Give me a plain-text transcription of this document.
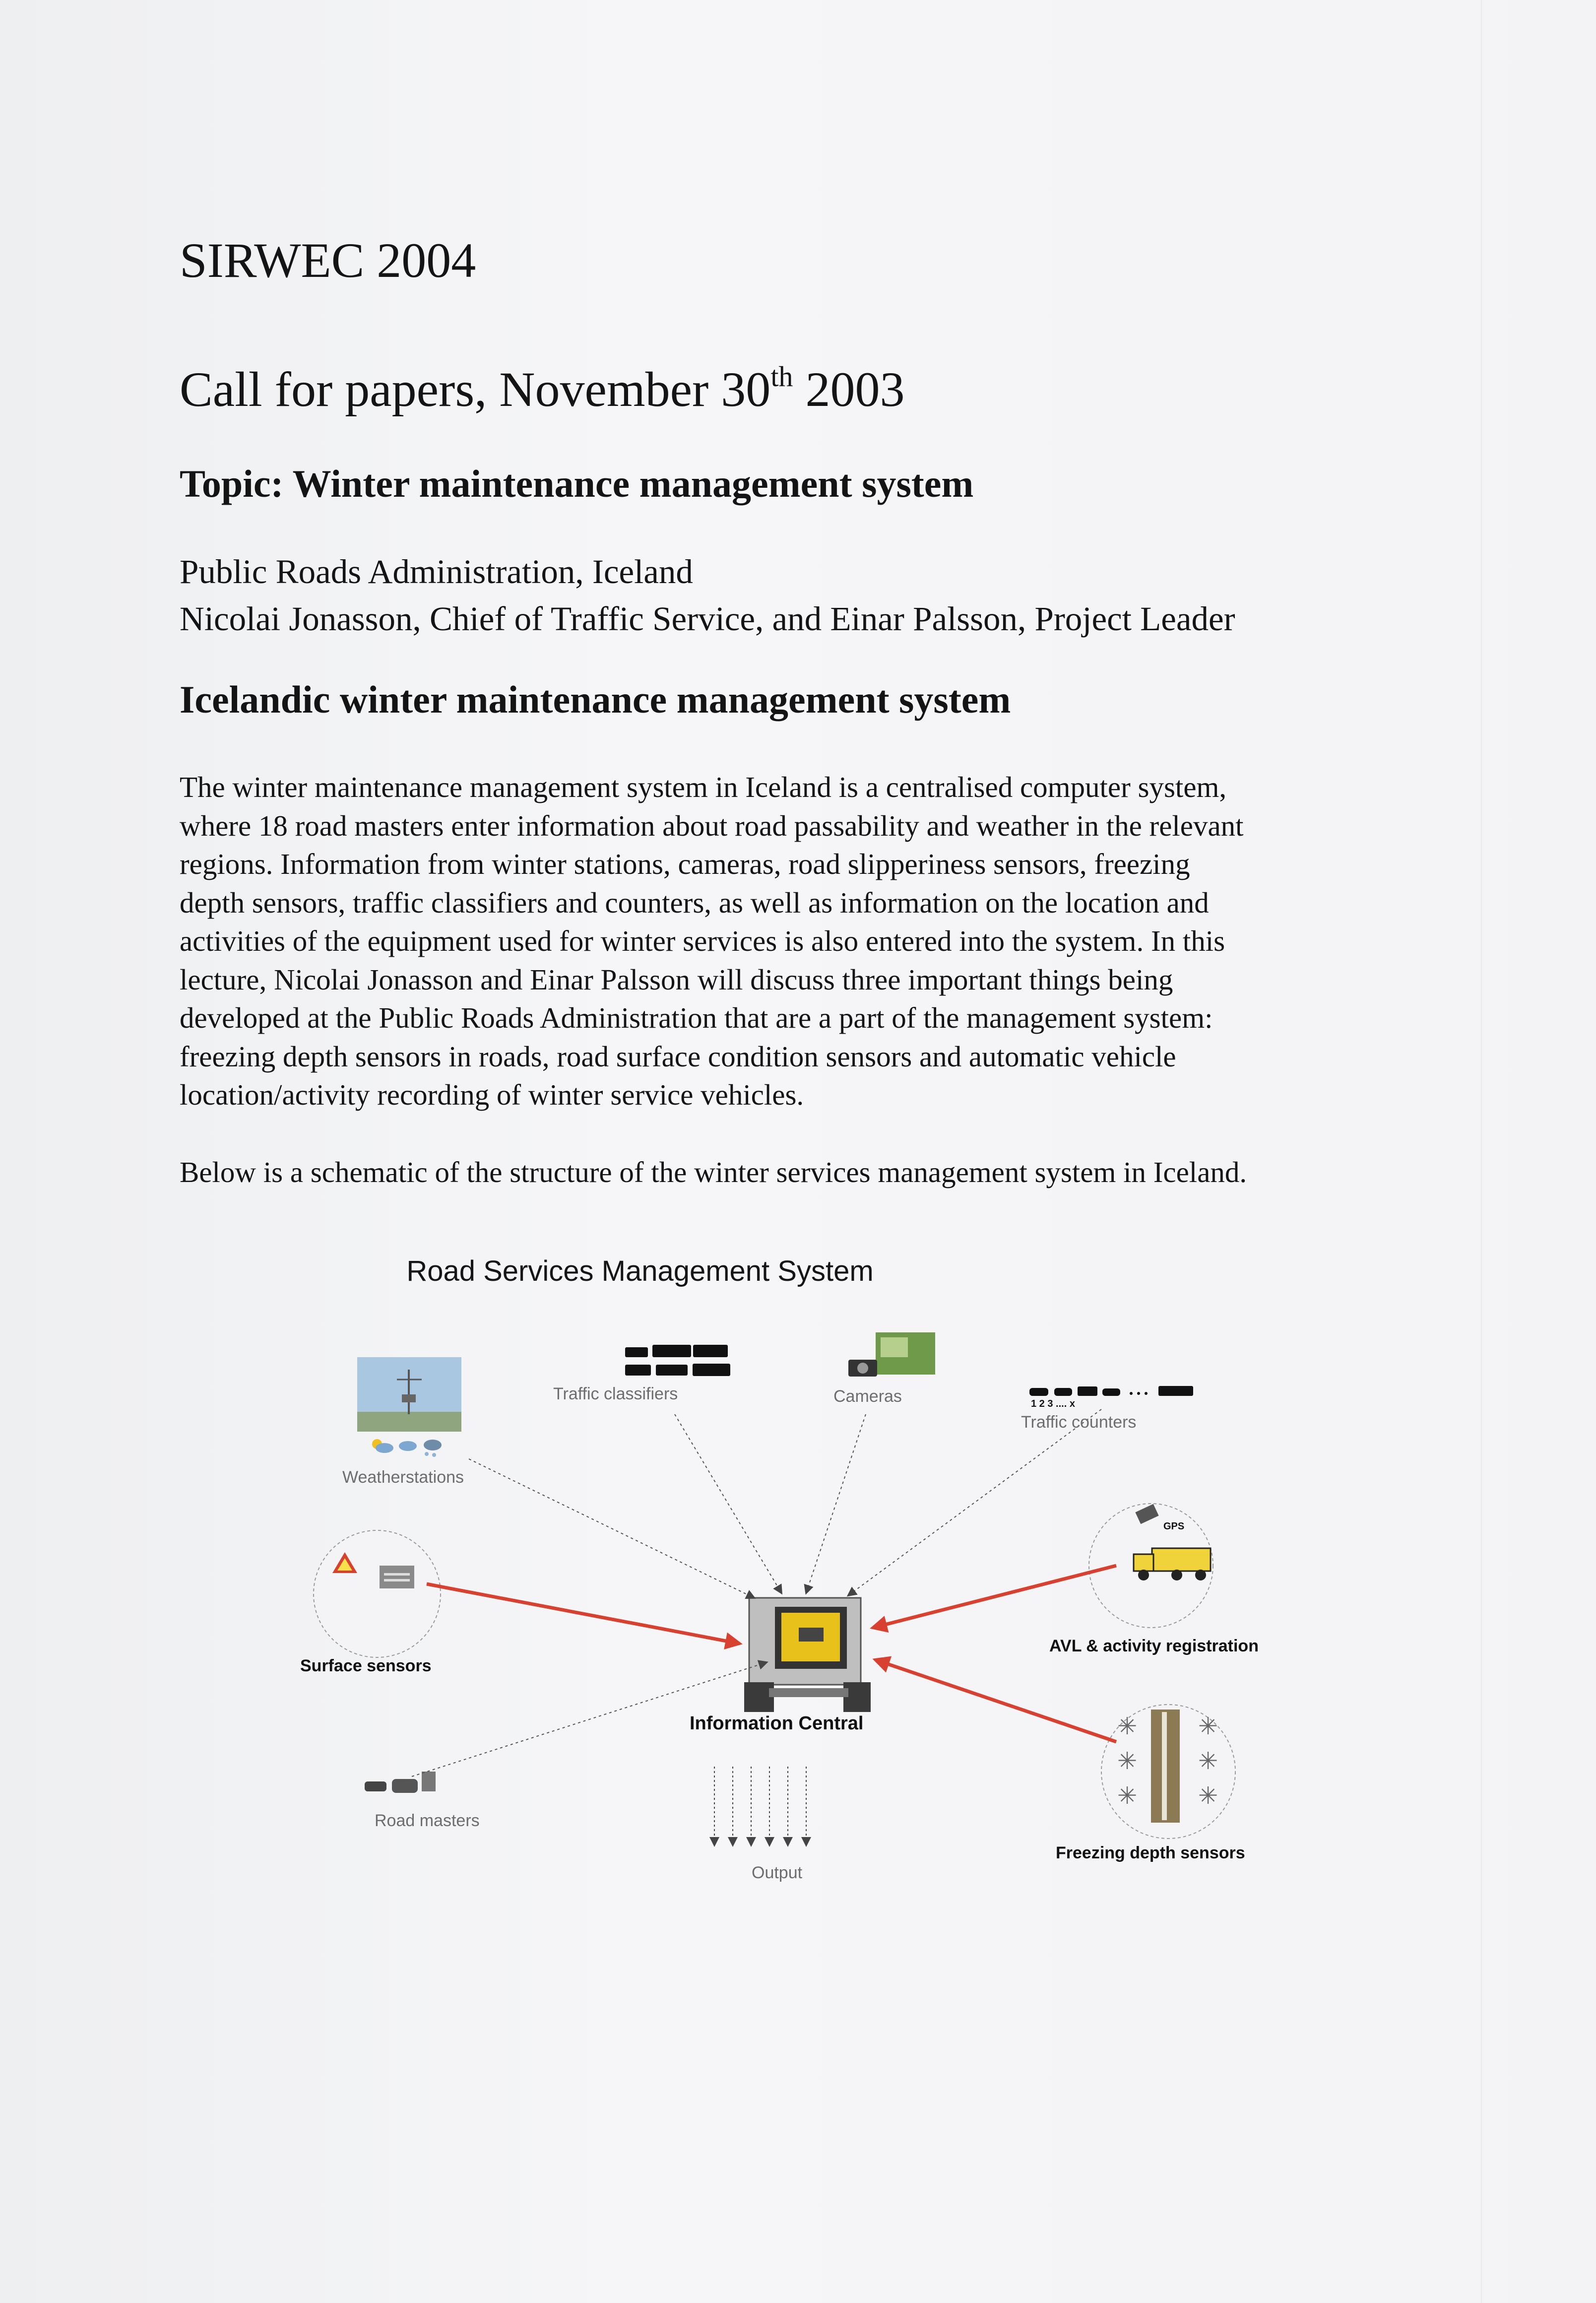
SIRWEC 2004
Call for papers, November 30th 2003
Topic: Winter maintenance management system
Public Roads Administration, Iceland
Nicolai Jonasson, Chief of Traffic Service, and Einar Palsson, Project Leader
Icelandic winter maintenance management system
The winter maintenance management system in Iceland is a centralised computer system,
where 18 road masters enter information about road passability and weather in the relevant
regions. Information from winter stations, cameras, road slipperiness sensors, freezing
depth sensors, traffic classifiers and counters, as well as information on the location and
activities of the equipment used for winter services is also entered into the system. In this
lecture, Nicolai Jonasson and Einar Palsson will discuss three important things being
developed at the Public Roads Administration that are a part of the management system:
freezing depth sensors in roads, road surface condition sensors and automatic vehicle
location/activity recording of winter service vehicles.
Below is a schematic of the structure of the winter services management system in Iceland.
Road Services Management System
✳
✳
✳
✳
✳
✳
Weatherstations
Traffic classifiers	Cameras	1 2 3 .... x
Traffic counters
Surface sensors
Information Central
AVL & activity registration
GPS
Road masters
Freezing depth sensors
Output
